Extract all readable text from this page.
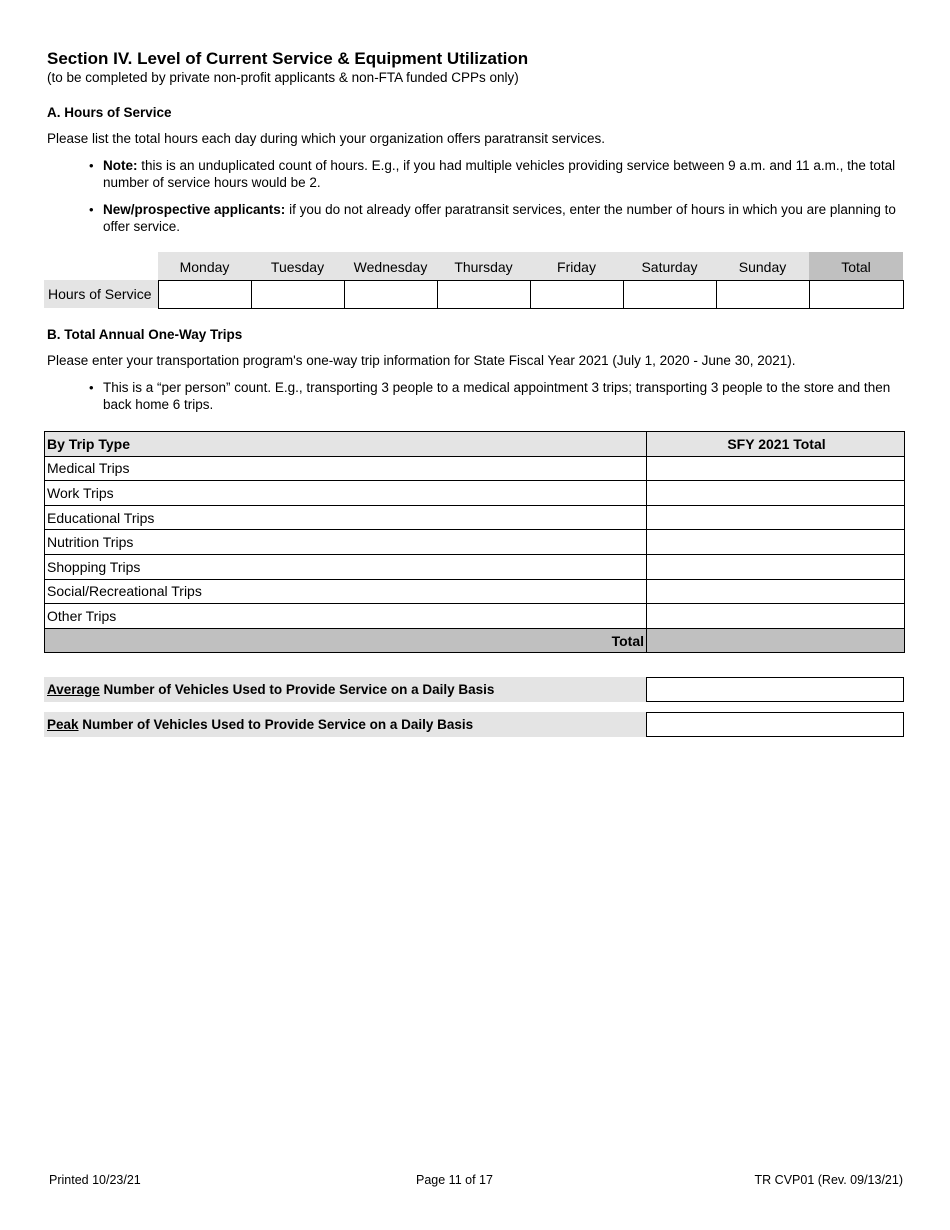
Section IV. Level of Current Service & Equipment Utilization
(to be completed by private non-profit applicants & non-FTA funded CPPs only)
A. Hours of Service
Please list the total hours each day during which your organization offers paratransit services.
• Note: this is an unduplicated count of hours. E.g., if you had multiple vehicles providing service between 9 a.m. and 11 a.m., the total number of service hours would be 2.
• New/prospective applicants: if you do not already offer paratransit services, enter the number of hours in which you are planning to offer service.
	Monday	Tuesday	Wednesday	Thursday	Friday	Saturday	Sunday	Total
Hours of Service								
B. Total Annual One-Way Trips
Please enter your transportation program's one-way trip information for State Fiscal Year 2021 (July 1, 2020 - June 30, 2021).
• This is a “per person” count. E.g., transporting 3 people to a medical appointment 3 trips; transporting 3 people to the store and then back home 6 trips.
By Trip Type	SFY 2021 Total
Medical Trips	
Work Trips	
Educational Trips	
Nutrition Trips	
Shopping Trips	
Social/Recreational Trips	
Other Trips	
Total	
Average Number of Vehicles Used to Provide Service on a Daily Basis
Peak Number of Vehicles Used to Provide Service on a Daily Basis
Printed 10/23/21	Page 11 of 17	TR CVP01 (Rev. 09/13/21)
